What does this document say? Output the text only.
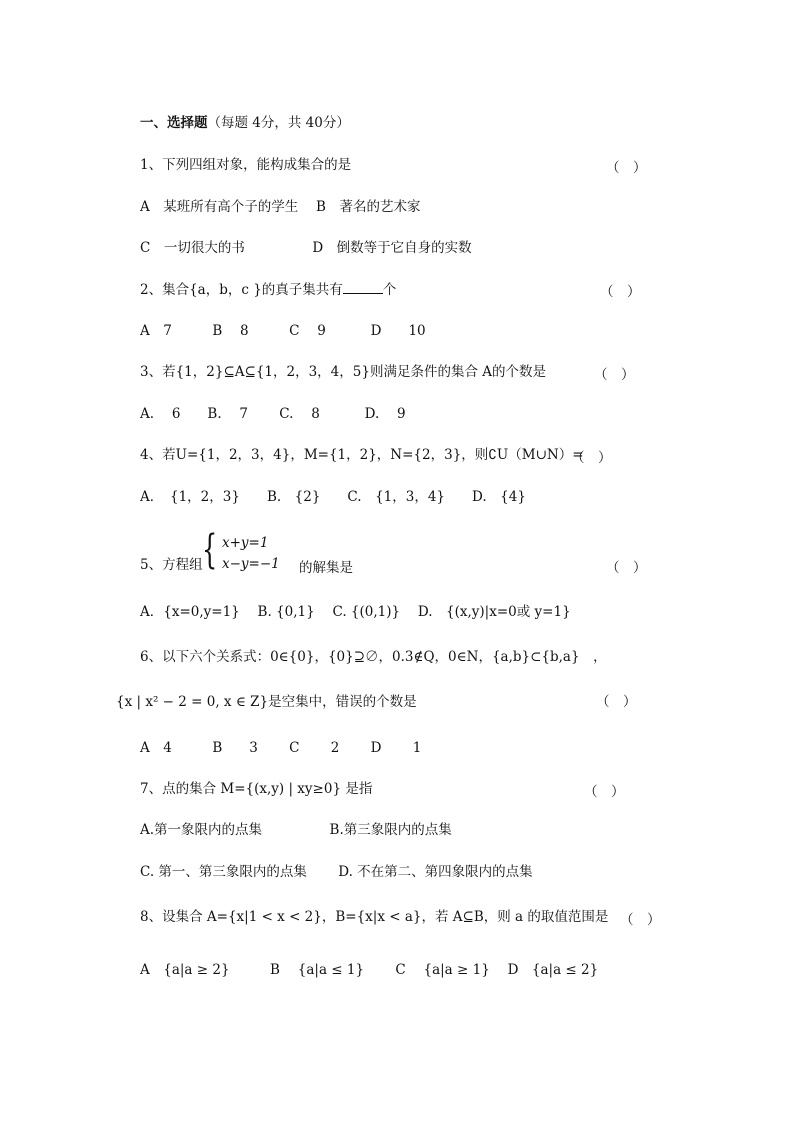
一、选择题（每题 4分，共 40分）
1、下列四组对象，能构成集合的是	（　）
A　某班所有高个子的学生　 B　著名的艺术家
C　一切很大的书　　　　　D　倒数等于它自身的实数
2、集合{a，b，c }的真子集共有	个	（　）
A　7　　　B　 8　　　C　 9　　　 D　　10
3、若{1，2}⊆A⊆{1，2，3，4，5}则满足条件的集合 A的个数是	（　）
A.　 6　　B.　 7　　 C.　 8　　　 D.　 9
4、若U={1，2，3，4}，M={1，2}，N={2，3}，则∁U（M∪N）=
（　）
A．　{1，2，3}　　B.　{2}　　C.　{1，3，4}　　D.　{4}
5、方程组 { x+y=1
x−y=−1 的解集是	（　）
A．{x=0,y=1}　 B. {0,1}　 C. {(0,1)}　 D.　{(x,y)|x=0或 y=1}
6、以下六个关系式：0∈{0}，{0}⊇∅，0.3∉Q，0∈N，{a,b}⊂{b,a}　，
{x | x² − 2 = 0, x ∈ Z}是空集中，错误的个数是	（　）
A　4　　　B　　3　　 C　　 2　　 D　　 1
7、点的集合 M={(x,y) | xy≥0} 是指	（　）
A.第一象限内的点集　　　　　B.第三象限内的点集
C. 第一、第三象限内的点集　　 D. 不在第二、第四象限内的点集
8、设集合 A={x|1 < x < 2}，B={x|x < a}，若 A⊆B，则 a 的取值范围是 （　）
A　{a|a ≥ 2}　　　B　 {a|a ≤ 1}　　 C　 {a|a ≥ 1}　 D　{a|a ≤ 2}
